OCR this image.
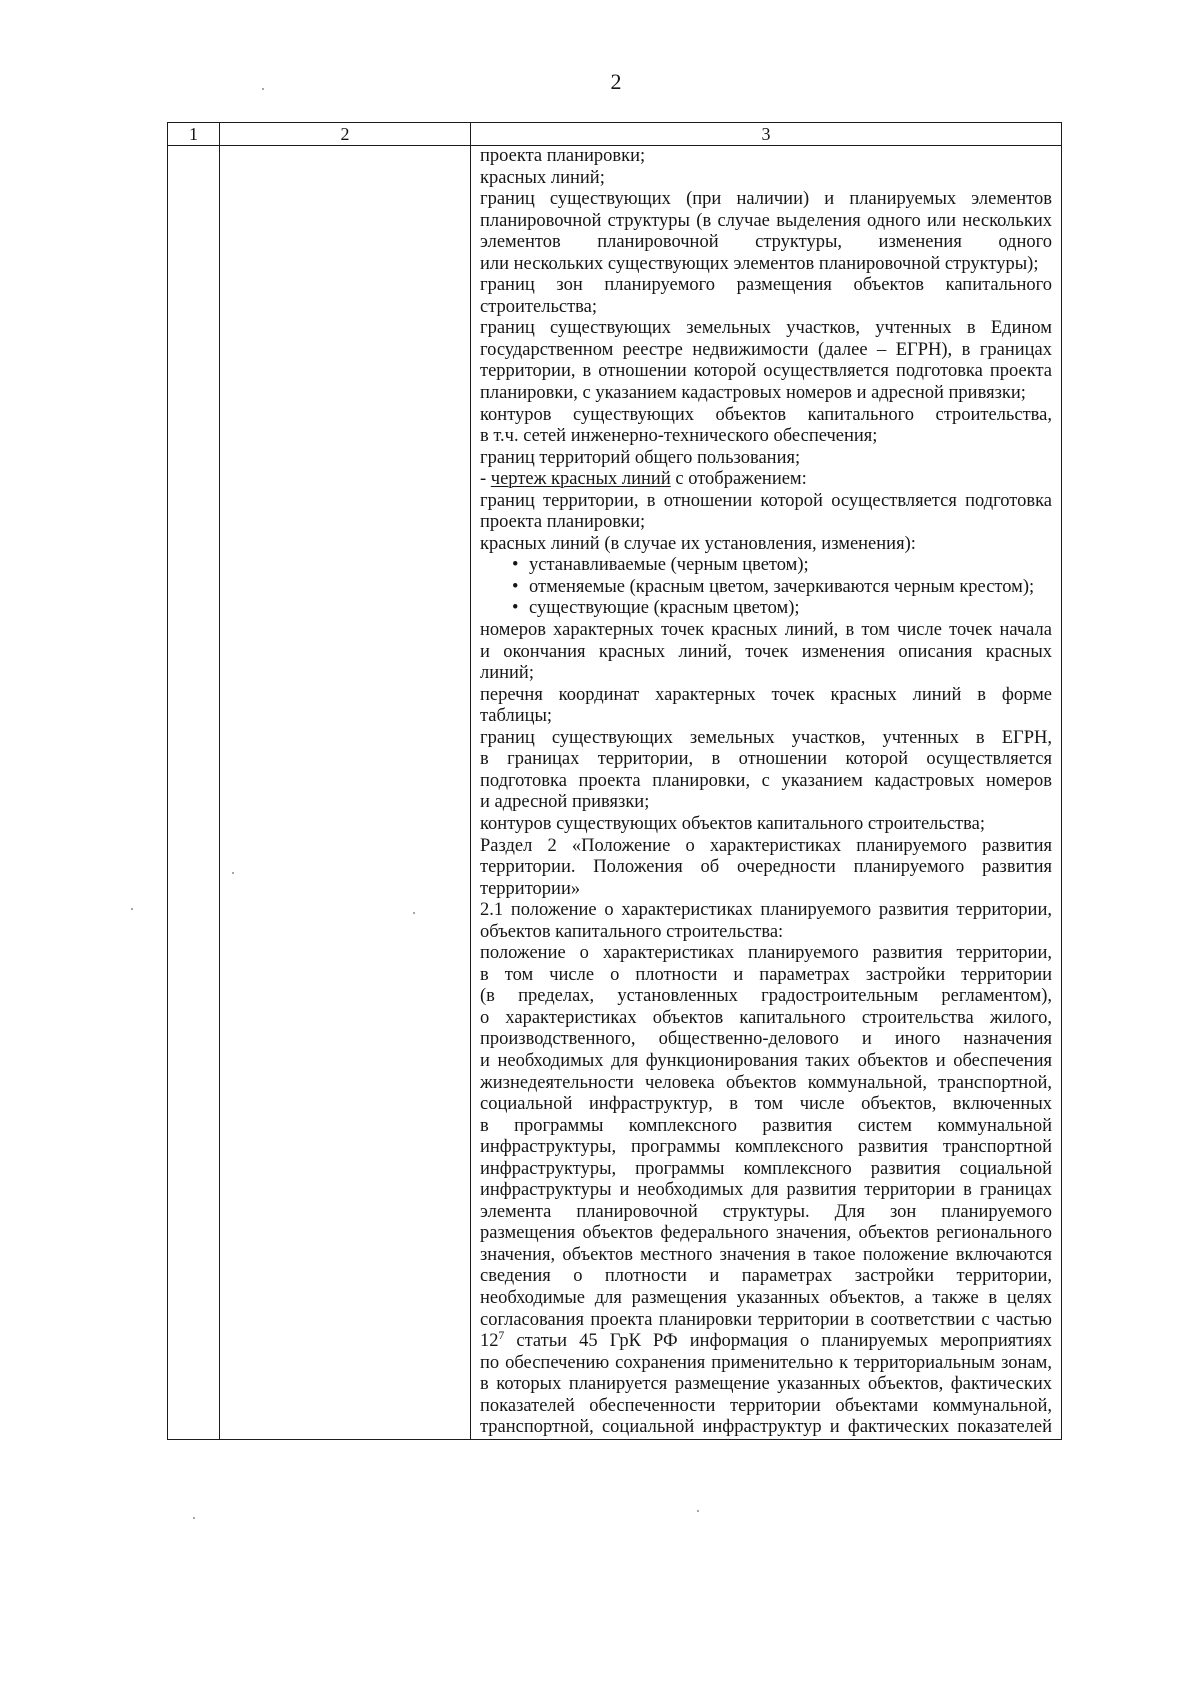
2
1	2	3
проекта планировки;
красных линий;
границ существующих (при наличии) и планируемых элементов
планировочной структуры (в случае выделения одного или нескольких
элементов планировочной структуры, изменения одного
или нескольких существующих элементов планировочной структуры);
границ зон планируемого размещения объектов капитального
строительства;
границ существующих земельных участков, учтенных в Едином
государственном реестре недвижимости (далее – ЕГРН), в границах
территории, в отношении которой осуществляется подготовка проекта
планировки, с указанием кадастровых номеров и адресной привязки;
контуров существующих объектов капитального строительства,
в т.ч. сетей инженерно-технического обеспечения;
границ территорий общего пользования;
- чертеж красных линий с отображением:
границ территории, в отношении которой осуществляется подготовка
проекта планировки;
красных линий (в случае их установления, изменения):
•
устанавливаемые (черным цветом);
•
отменяемые (красным цветом, зачеркиваются черным крестом);
•
существующие (красным цветом);
номеров характерных точек красных линий, в том числе точек начала
и окончания красных линий, точек изменения описания красных
линий;
перечня координат характерных точек красных линий в форме
таблицы;
границ существующих земельных участков, учтенных в ЕГРН,
в границах территории, в отношении которой осуществляется
подготовка проекта планировки, с указанием кадастровых номеров
и адресной привязки;
контуров существующих объектов капитального строительства;
Раздел 2 «Положение о характеристиках планируемого развития
территории. Положения об очередности планируемого развития
территории»
2.1 положение о характеристиках планируемого развития территории,
объектов капитального строительства:
положение о характеристиках планируемого развития территории,
в том числе о плотности и параметрах застройки территории
(в пределах, установленных градостроительным регламентом),
о характеристиках объектов капитального строительства жилого,
производственного, общественно-делового и иного назначения
и необходимых для функционирования таких объектов и обеспечения
жизнедеятельности человека объектов коммунальной, транспортной,
социальной инфраструктур, в том числе объектов, включенных
в программы комплексного развития систем коммунальной
инфраструктуры, программы комплексного развития транспортной
инфраструктуры, программы комплексного развития социальной
инфраструктуры и необходимых для развития территории в границах
элемента планировочной структуры. Для зон планируемого
размещения объектов федерального значения, объектов регионального
значения, объектов местного значения в такое положение включаются
сведения о плотности и параметрах застройки территории,
необходимые для размещения указанных объектов, а также в целях
согласования проекта планировки территории в соответствии с частью
$12^7$ статьи 45 ГрК РФ информация о планируемых мероприятиях
по обеспечению сохранения применительно к территориальным зонам,
в которых планируется размещение указанных объектов, фактических
показателей обеспеченности территории объектами коммунальной,
транспортной, социальной инфраструктур и фактических показателей
